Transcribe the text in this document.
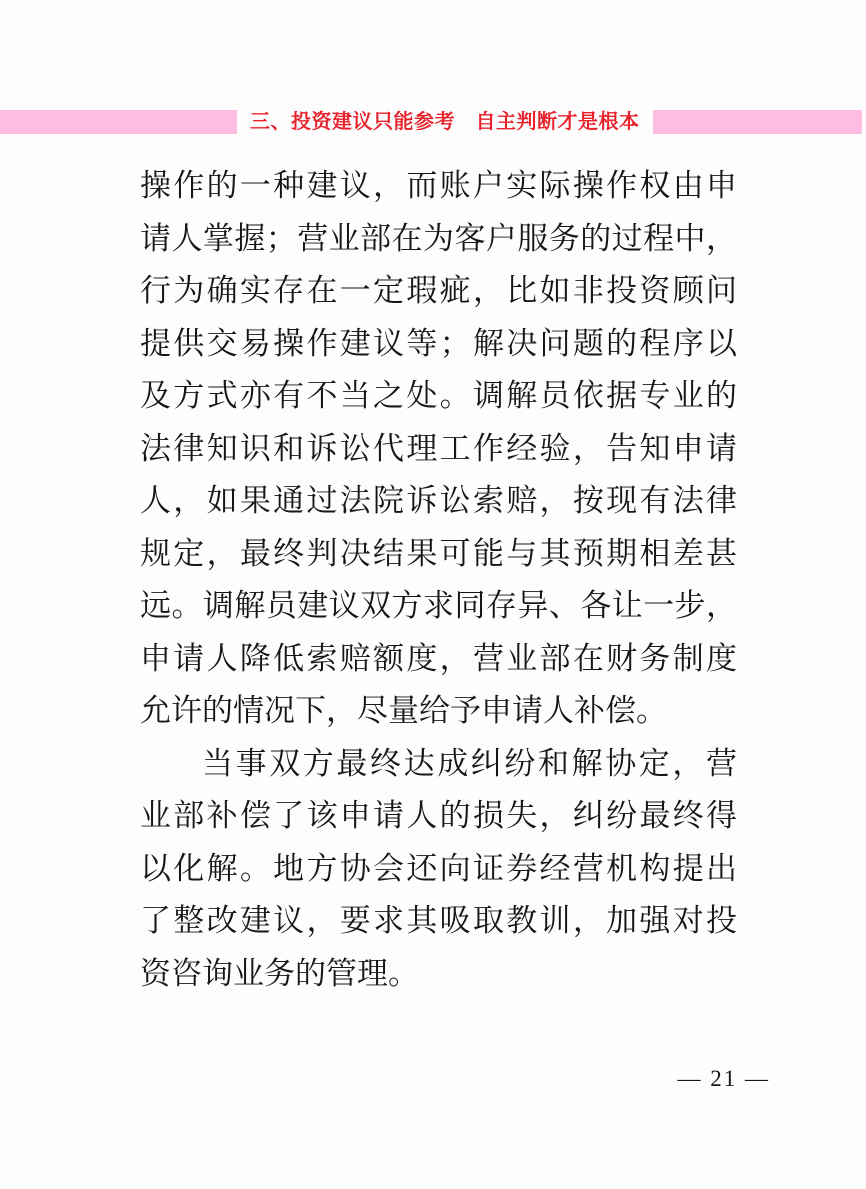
三、投资建议只能参考　自主判断才是根本
操作的一种建议，而账户实际操作权由申
请人掌握；营业部在为客户服务的过程中，
行为确实存在一定瑕疵，比如非投资顾问
提供交易操作建议等；解决问题的程序以
及方式亦有不当之处。调解员依据专业的
法律知识和诉讼代理工作经验，告知申请
人，如果通过法院诉讼索赔，按现有法律
规定，最终判决结果可能与其预期相差甚
远。调解员建议双方求同存异、各让一步，
申请人降低索赔额度，营业部在财务制度
允许的情况下，尽量给予申请人补偿。
当事双方最终达成纠纷和解协定，营
业部补偿了该申请人的损失，纠纷最终得
以化解。地方协会还向证券经营机构提出
了整改建议，要求其吸取教训，加强对投
资咨询业务的管理。
— 21 —
